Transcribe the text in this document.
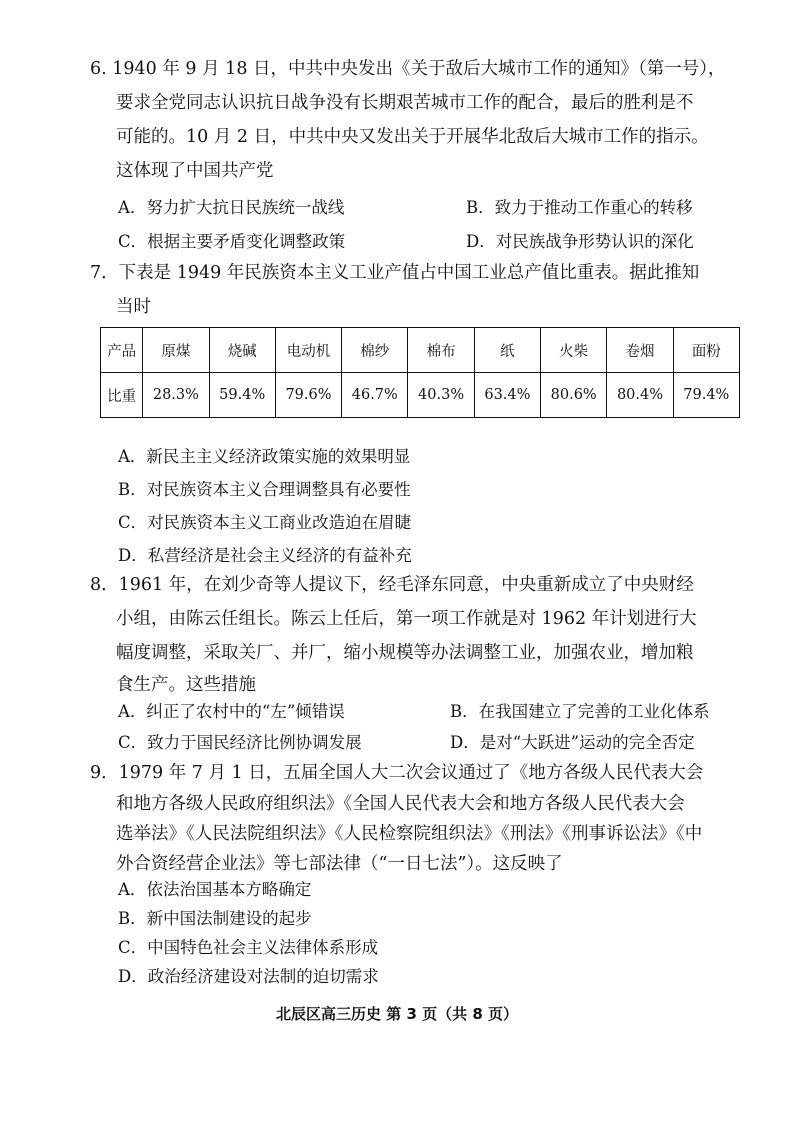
6. 1940 年 9 月 18 日，中共中央发出《关于敌后大城市工作的通知》（第一号），
要求全党同志认识抗日战争没有长期艰苦城市工作的配合，最后的胜利是不
可能的。10 月 2 日，中共中央又发出关于开展华北敌后大城市工作的指示。
这体现了中国共产党
A．努力扩大抗日民族统一战线	B．致力于推动工作重心的转移
C．根据主要矛盾变化调整政策	D．对民族战争形势认识的深化
7．下表是 1949 年民族资本主义工业产值占中国工业总产值比重表。据此推知
当时
产品	原煤	烧碱	电动机	棉纱	棉布	纸	火柴	卷烟	面粉
比重	28.3%	59.4%	79.6%	46.7%	40.3%	63.4%	80.6%	80.4%	79.4%
A．新民主主义经济政策实施的效果明显
B．对民族资本主义合理调整具有必要性
C．对民族资本主义工商业改造迫在眉睫
D．私营经济是社会主义经济的有益补充
8．1961 年，在刘少奇等人提议下，经毛泽东同意，中央重新成立了中央财经
小组，由陈云任组长。陈云上任后，第一项工作就是对 1962 年计划进行大
幅度调整，采取关厂、并厂，缩小规模等办法调整工业，加强农业，增加粮
食生产。这些措施
A．纠正了农村中的“左”倾错误	B．在我国建立了完善的工业化体系
C．致力于国民经济比例协调发展	D．是对“大跃进”运动的完全否定
9．1979 年 7 月 1 日，五届全国人大二次会议通过了《地方各级人民代表大会
和地方各级人民政府组织法》《全国人民代表大会和地方各级人民代表大会
选举法》《人民法院组织法》《人民检察院组织法》《刑法》《刑事诉讼法》《中
外合资经营企业法》等七部法律（“一日七法”）。这反映了
A．依法治国基本方略确定
B．新中国法制建设的起步
C．中国特色社会主义法律体系形成
D．政治经济建设对法制的迫切需求
北辰区高三历史 第 3 页（共 8 页）
